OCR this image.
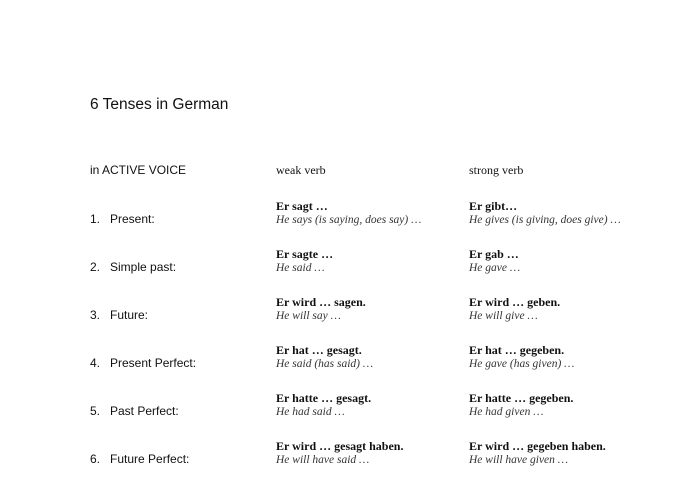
6 Tenses in German
in ACTIVE VOICE	weak verb	strong verb
1. Present:
Er sagt …
He says (is saying, does say) …
Er gibt…
He gives (is giving, does give) …
2. Simple past:
Er sagte …
He said …
Er gab …
He gave …
3. Future:
Er wird … sagen.
He will say …
Er wird … geben.
He will give …
4. Present Perfect:
Er hat … gesagt.
He said (has said) …
Er hat … gegeben.
He gave (has given) …
5. Past Perfect:
Er hatte … gesagt.
He had said …
Er hatte … gegeben.
He had given …
6. Future Perfect:
Er wird … gesagt haben.
He will have said …
Er wird … gegeben haben.
He will have given …
